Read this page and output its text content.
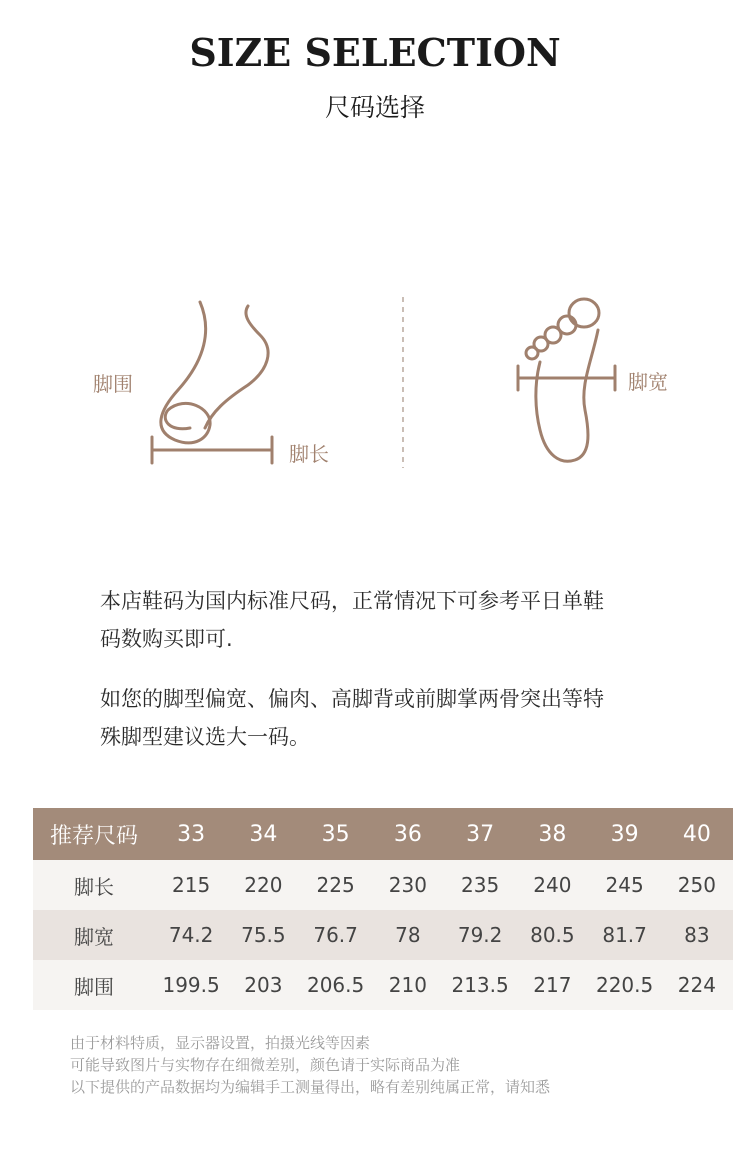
SIZE SELECTION
尺码选择
脚围
脚长
脚宽
本店鞋码为国内标准尺码，正常情况下可参考平日单鞋
码数购买即可.
如您的脚型偏宽、偏肉、高脚背或前脚掌两骨突出等特
殊脚型建议选大一码。
推荐尺码	33	34	35	36	37	38	39	40
脚长	215	220	225	230	235	240	245	250
脚宽	74.2	75.5	76.7	78	79.2	80.5	81.7	83
脚围	199.5	203	206.5	210	213.5	217	220.5	224
由于材料特质，显示器设置，拍摄光线等因素
可能导致图片与实物存在细微差别，颜色请于实际商品为准
以下提供的产品数据均为编辑手工测量得出，略有差别纯属正常，请知悉
